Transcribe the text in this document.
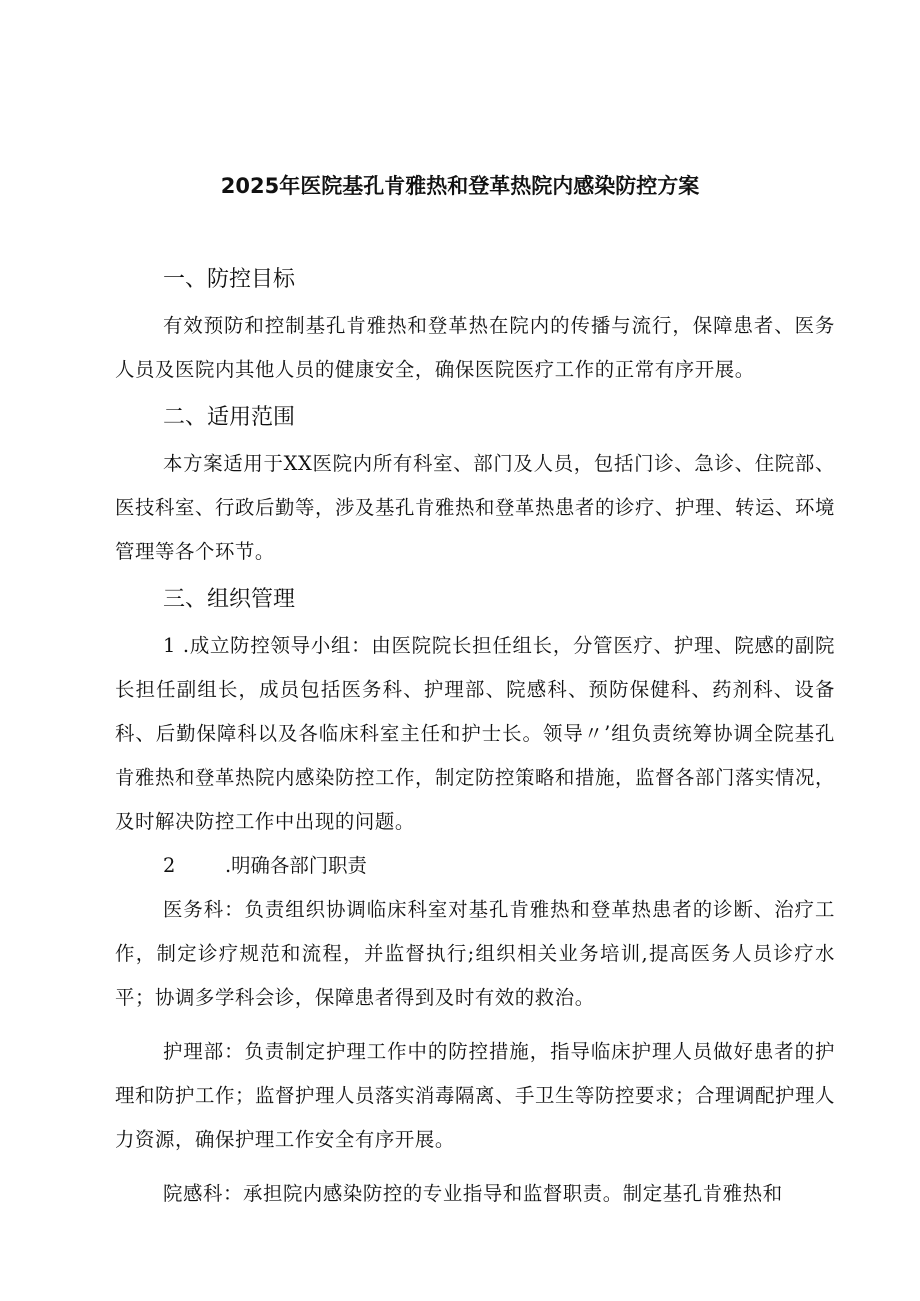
2025年医院基孔肯雅热和登革热院内感染防控方案
一、防控目标

有效预防和控制基孔肯雅热和登革热在院内的传播与流行，保障患者、医务人员及医院内其他人员的健康安全，确保医院医疗工作的正常有序开展。

二、适用范围

本方案适用于XX医院内所有科室、部门及人员，包括门诊、急诊、住院部、医技科室、行政后勤等，涉及基孔肯雅热和登革热患者的诊疗、护理、转运、环境管理等各个环节。

三、组织管理

1 .成立防控领导小组：由医院院长担任组长，分管医疗、护理、院感的副院长担任副组长，成员包括医务科、护理部、院感科、预防保健科、药剂科、设备科、后勤保障科以及各临床科室主任和护士长。领导〃’组负责统筹协调全院基孔肯雅热和登革热院内感染防控工作，制定防控策略和措施，监督各部门落实情况，及时解决防控工作中出现的问题。

2	.明确各部门职责

医务科：负责组织协调临床科室对基孔肯雅热和登革热患者的诊断、治疗工作，制定诊疗规范和流程，并监督执行;组织相关业务培训,提高医务人员诊疗水平；协调多学科会诊，保障患者得到及时有效的救治。

护理部：负责制定护理工作中的防控措施，指导临床护理人员做好患者的护理和防护工作；监督护理人员落实消毒隔离、手卫生等防控要求；合理调配护理人力资源，确保护理工作安全有序开展。

院感科：承担院内感染防控的专业指导和监督职责。制定基孔肯雅热和
